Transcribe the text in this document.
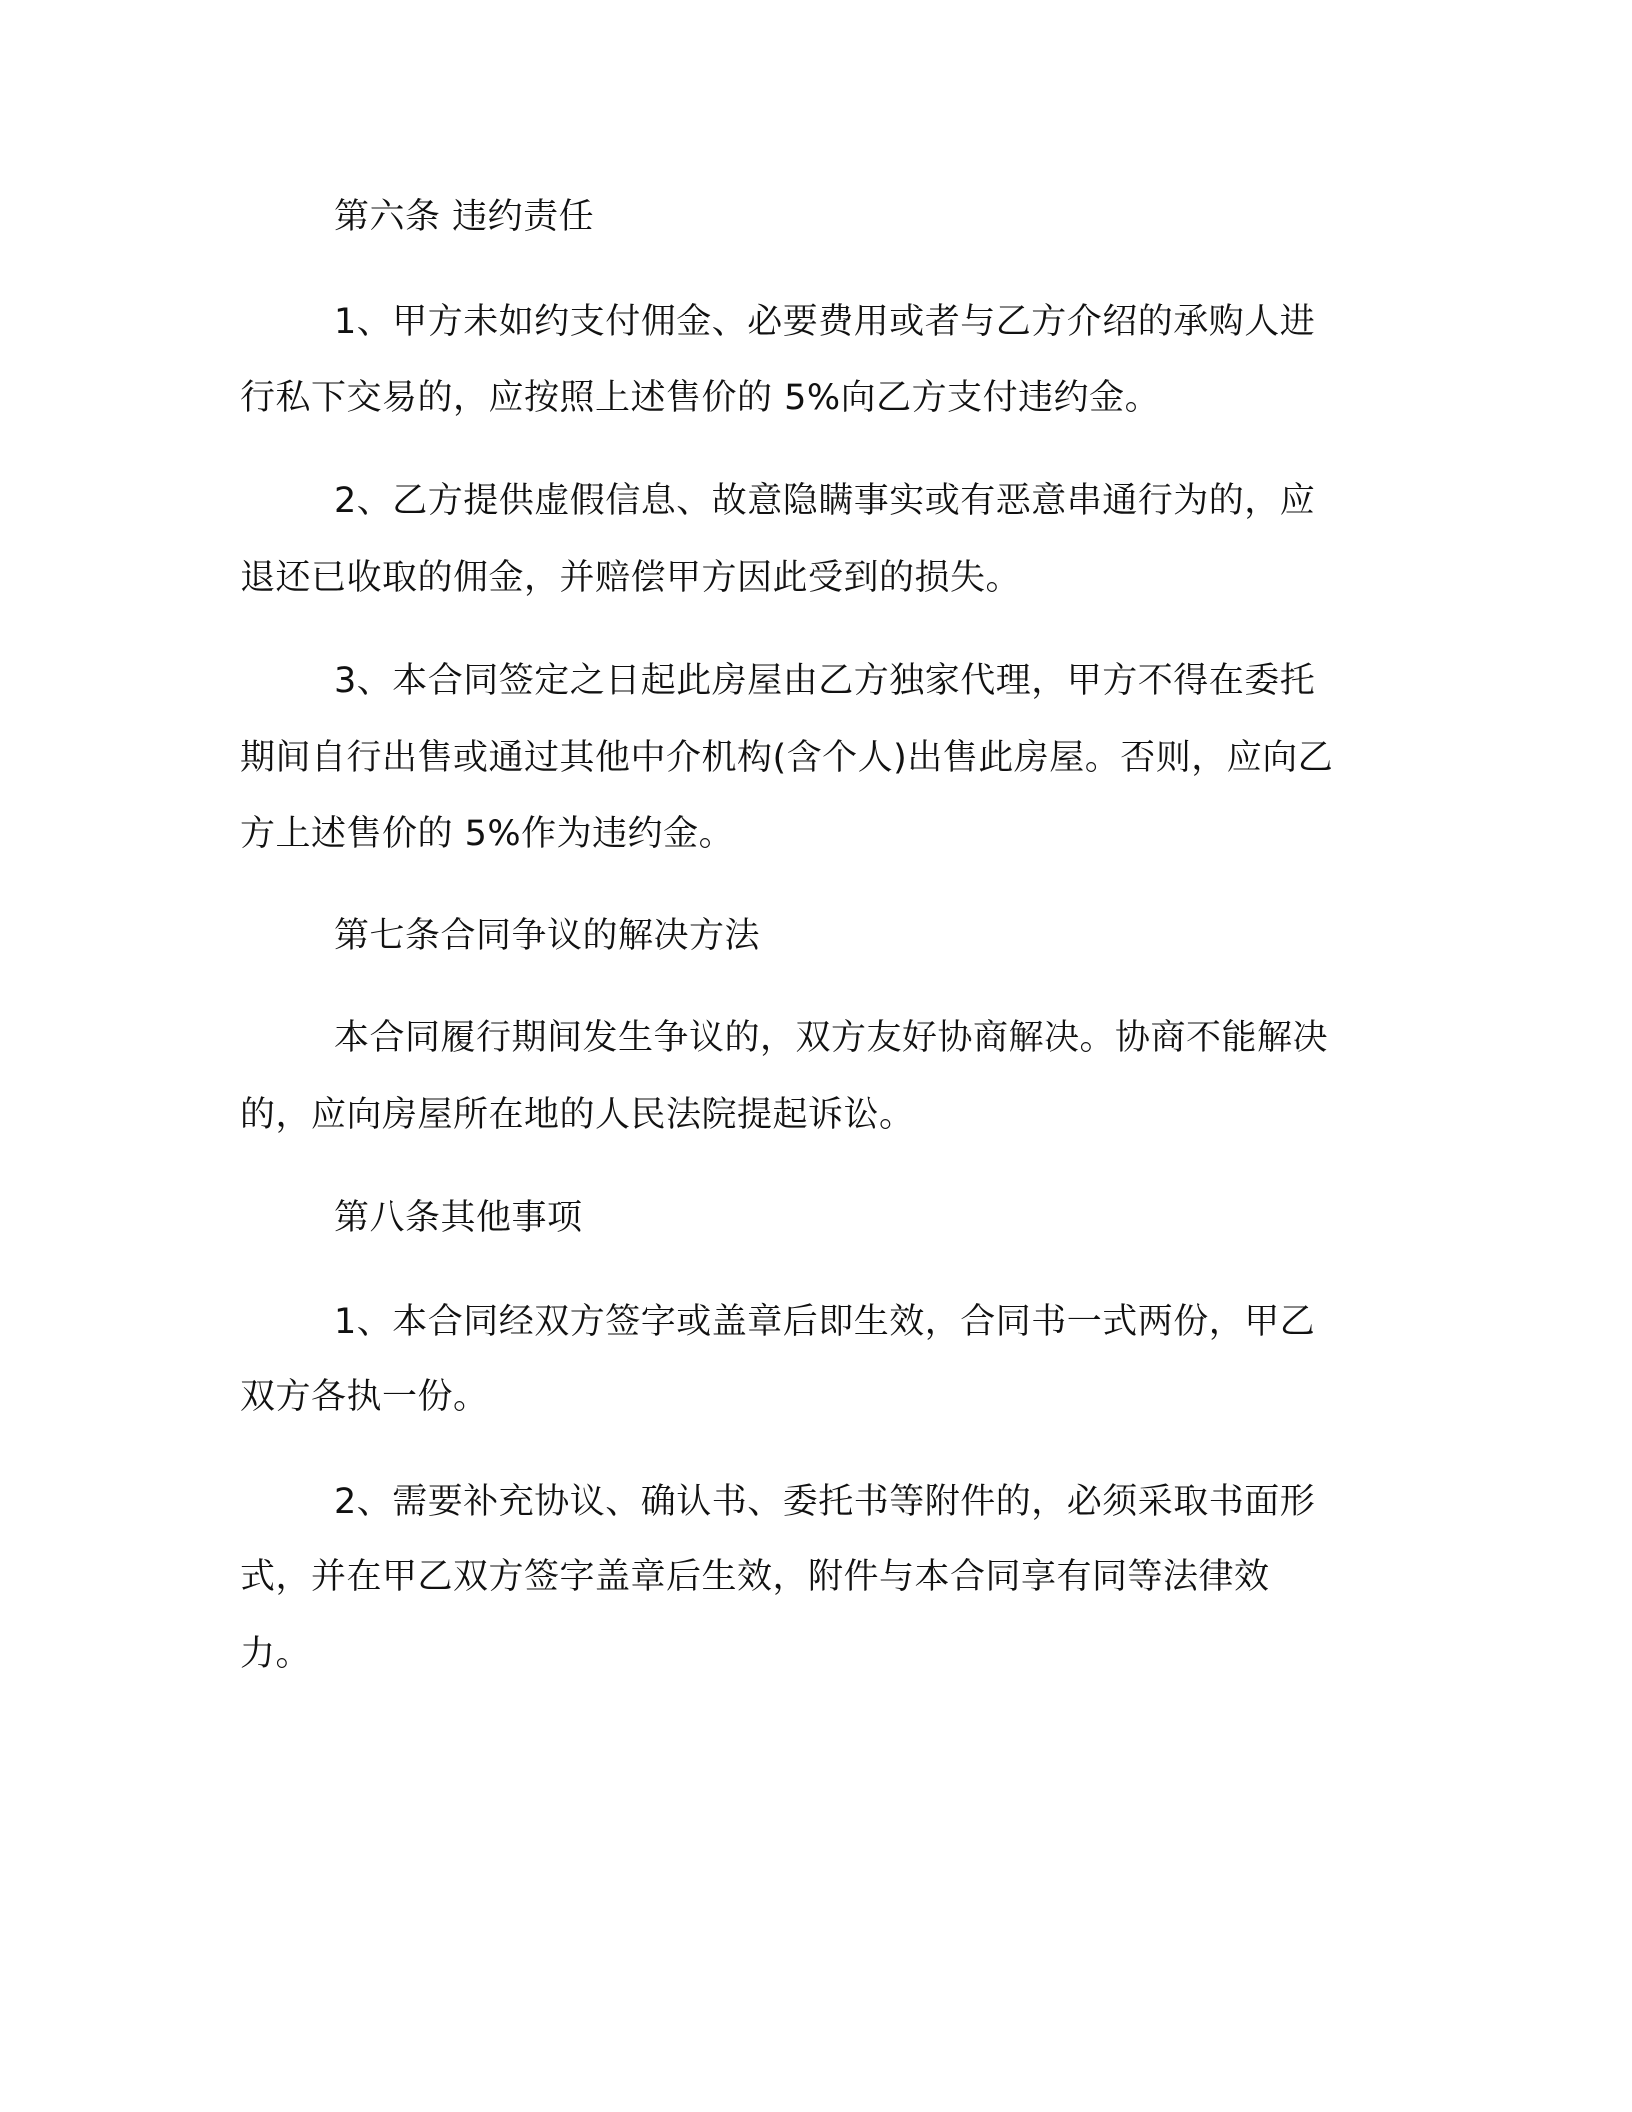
第六条 违约责任
1、甲方未如约支付佣金、必要费用或者与乙方介绍的承购人进
行私下交易的，应按照上述售价的 5%向乙方支付违约金。
2、乙方提供虚假信息、故意隐瞒事实或有恶意串通行为的，应
退还已收取的佣金，并赔偿甲方因此受到的损失。
3、本合同签定之日起此房屋由乙方独家代理，甲方不得在委托
期间自行出售或通过其他中介机构(含个人)出售此房屋。否则，应向乙
方上述售价的 5%作为违约金。
第七条合同争议的解决方法
本合同履行期间发生争议的，双方友好协商解决。协商不能解决
的，应向房屋所在地的人民法院提起诉讼。
第八条其他事项
1、本合同经双方签字或盖章后即生效，合同书一式两份，甲乙
双方各执一份。
2、需要补充协议、确认书、委托书等附件的，必须采取书面形
式，并在甲乙双方签字盖章后生效，附件与本合同享有同等法律效
力。
